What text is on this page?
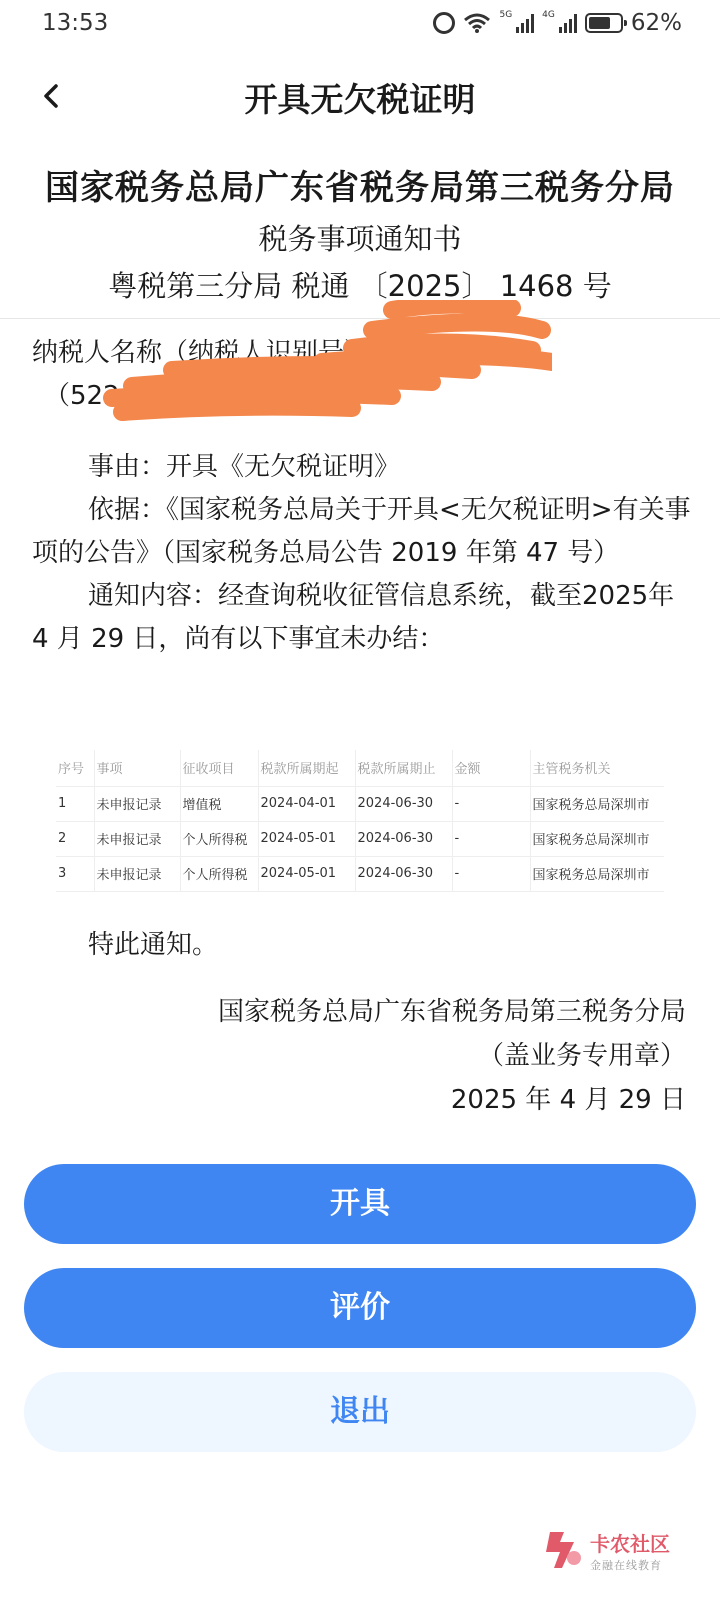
13:53	5G	4G	62%
开具无欠税证明
国家税务总局广东省税务局第三税务分局
税务事项通知书
粤税第三分局 税通 〔2025〕 1468 号
纳税人名称（纳税人识别号）：
（522	）
事由：开具《无欠税证明》
依据：《国家税务总局关于开具<无欠税证明>有关事项的公告》（国家税务总局公告 2019 年第 47 号）
通知内容：经查询税收征管信息系统，截至2025年 4 月 29 日，尚有以下事宜未办结：
序号	事项	征收项目	税款所属期起	税款所属期止	金额	主管税务机关
1	未申报记录	增值税	2024-04-01	2024-06-30	-	国家税务总局深圳市
2	未申报记录	个人所得税	2024-05-01	2024-06-30	-	国家税务总局深圳市
3	未申报记录	个人所得税	2024-05-01	2024-06-30	-	国家税务总局深圳市
特此通知。
国家税务总局广东省税务局第三税务分局
（盖业务专用章）
2025 年 4 月 29 日
开具
评价
退出
卡农社区
金融在线教育
